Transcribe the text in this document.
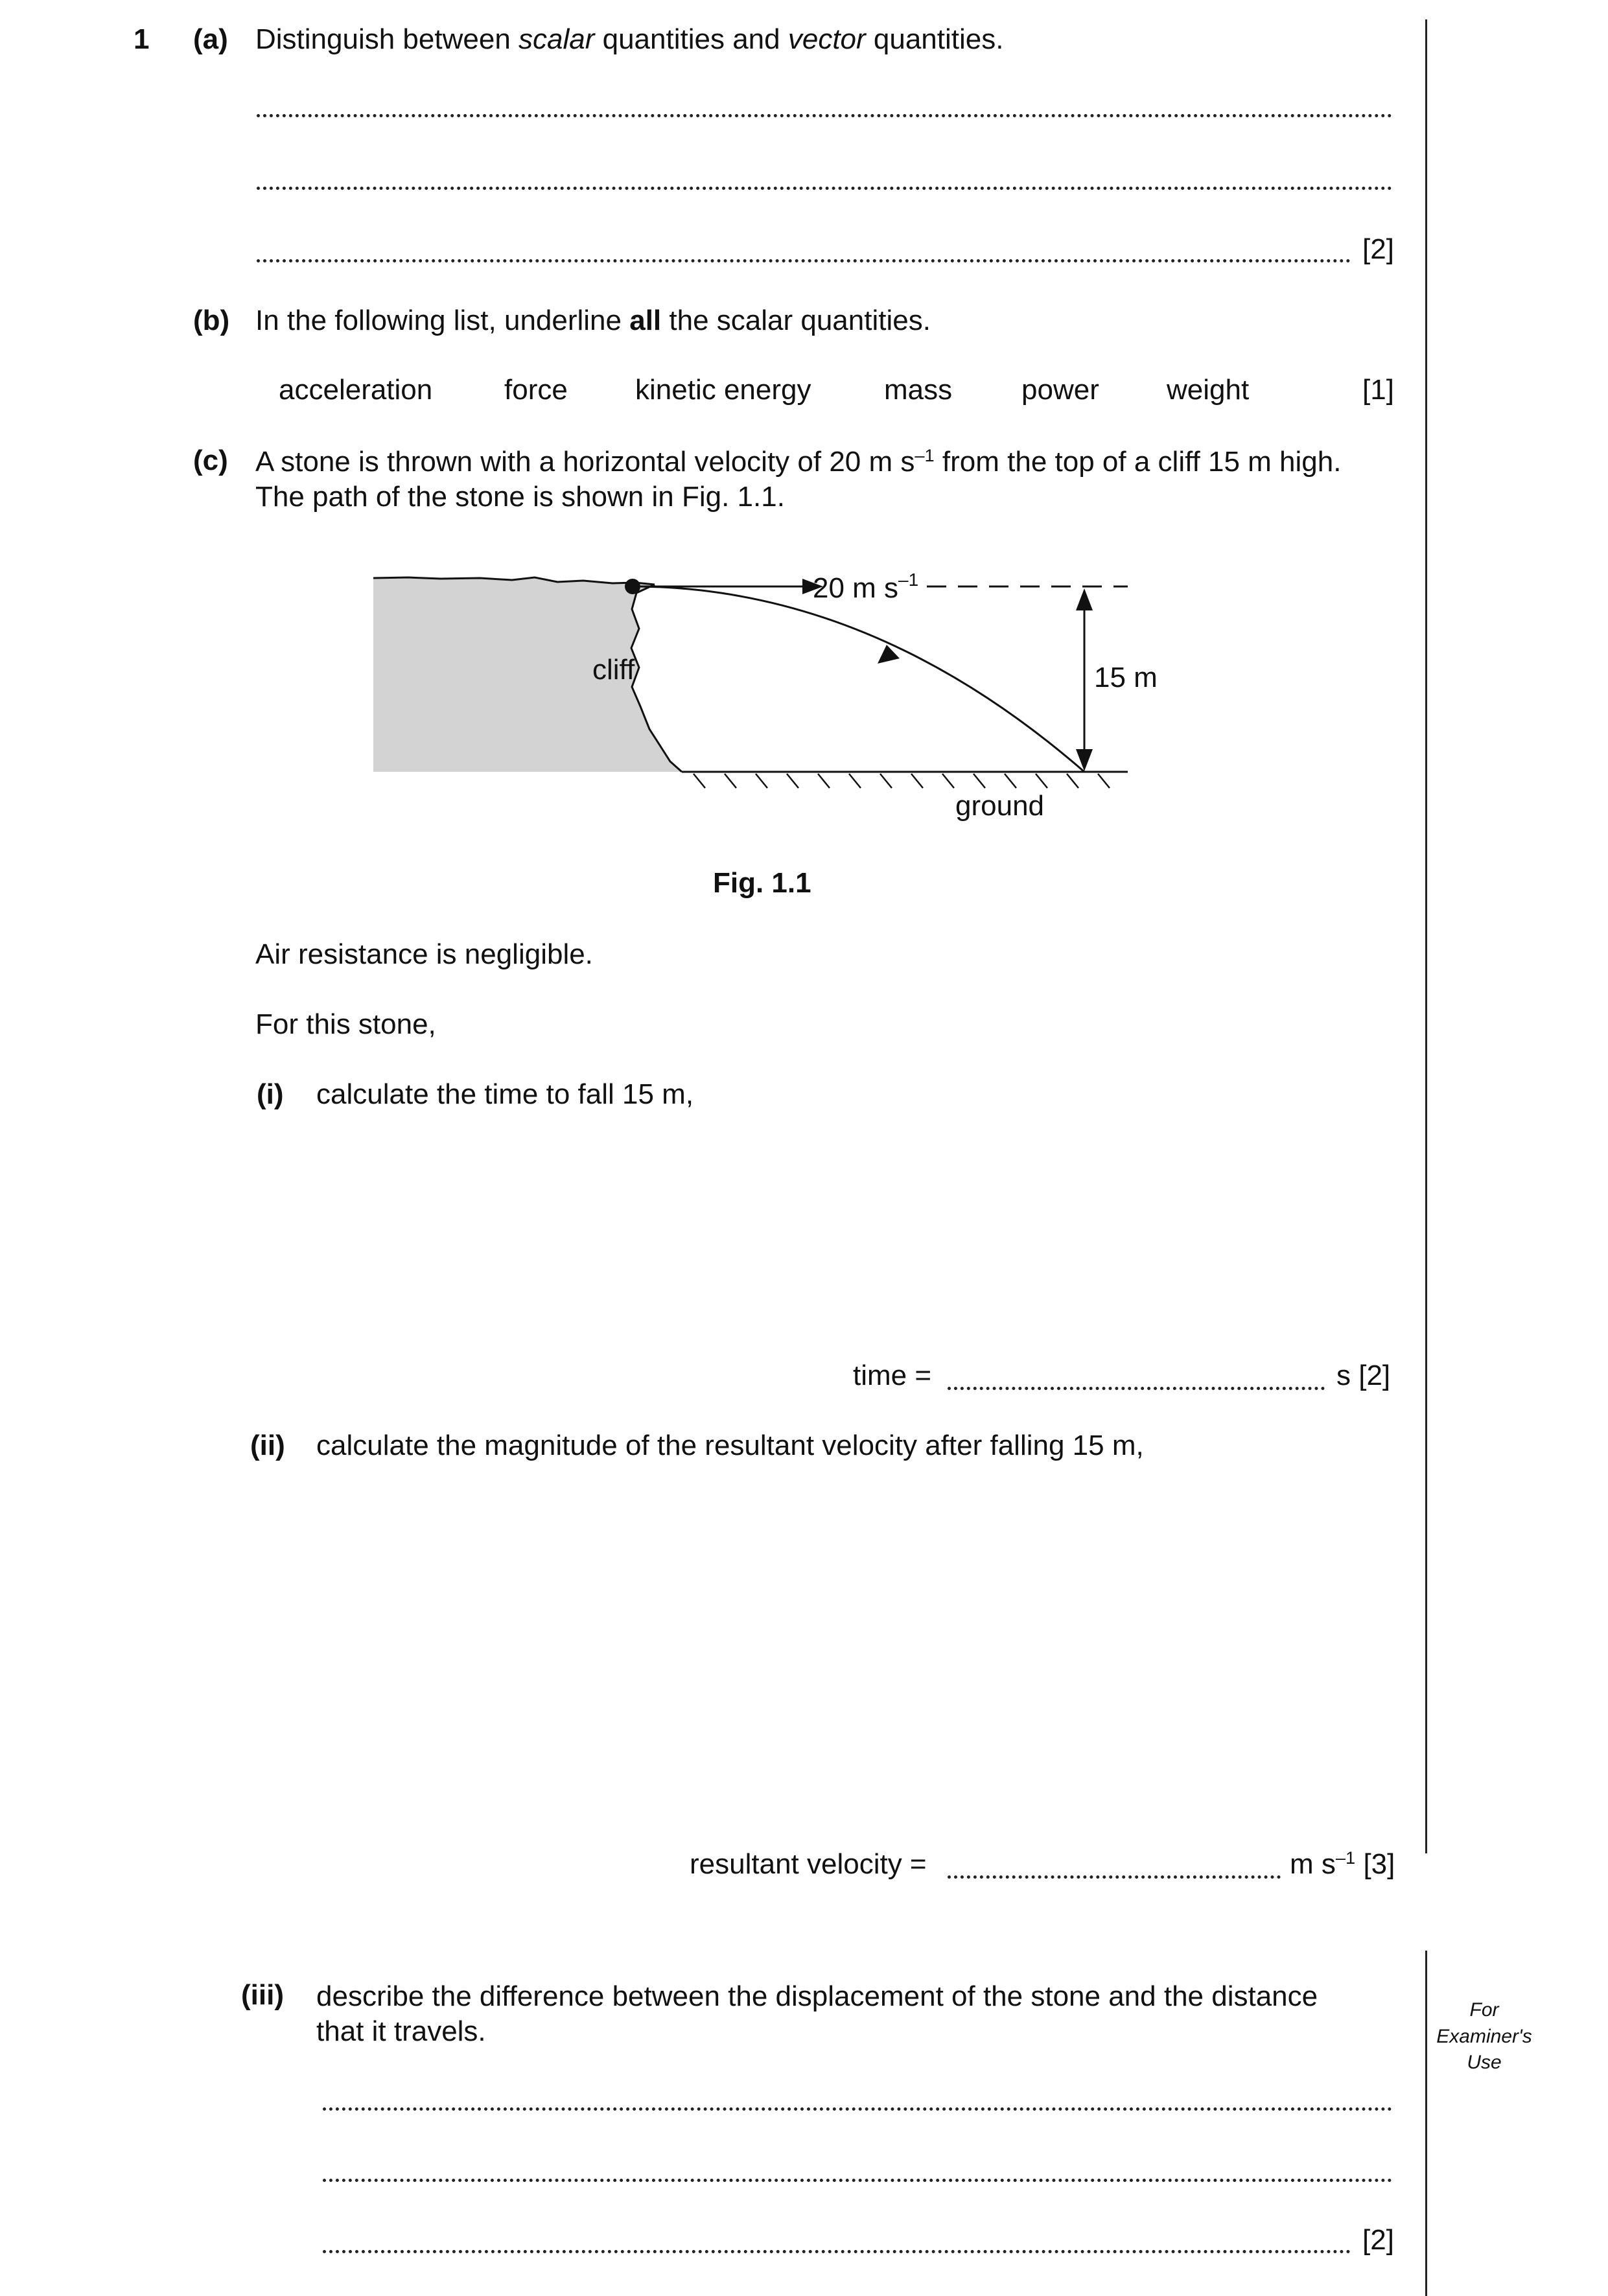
1 (a) Distinguish between scalar quantities and vector quantities.
[2]
(b) In the following list, underline all the scalar quantities.
acceleration	force kinetic energy	mass power weight	[1]
(c) A stone is thrown with a horizontal velocity of 20 m $s^{-1}$ from the top of a cliff 15 m high.
The path of the stone is shown in Fig. 1.1.
20 m $s^{-1}$
15 m
cliff
ground
Fig. 1.1
Air resistance is negligible.
For this stone,
(i) calculate the time to fall 15 m,
time =	s [2]
(ii) calculate the magnitude of the resultant velocity after falling 15 m,
resultant velocity =	m $s^{-1}$ [3]
(iii) describe the difference between the displacement of the stone and the distance
that it travels.
[2]
For
Examiner's
Use
